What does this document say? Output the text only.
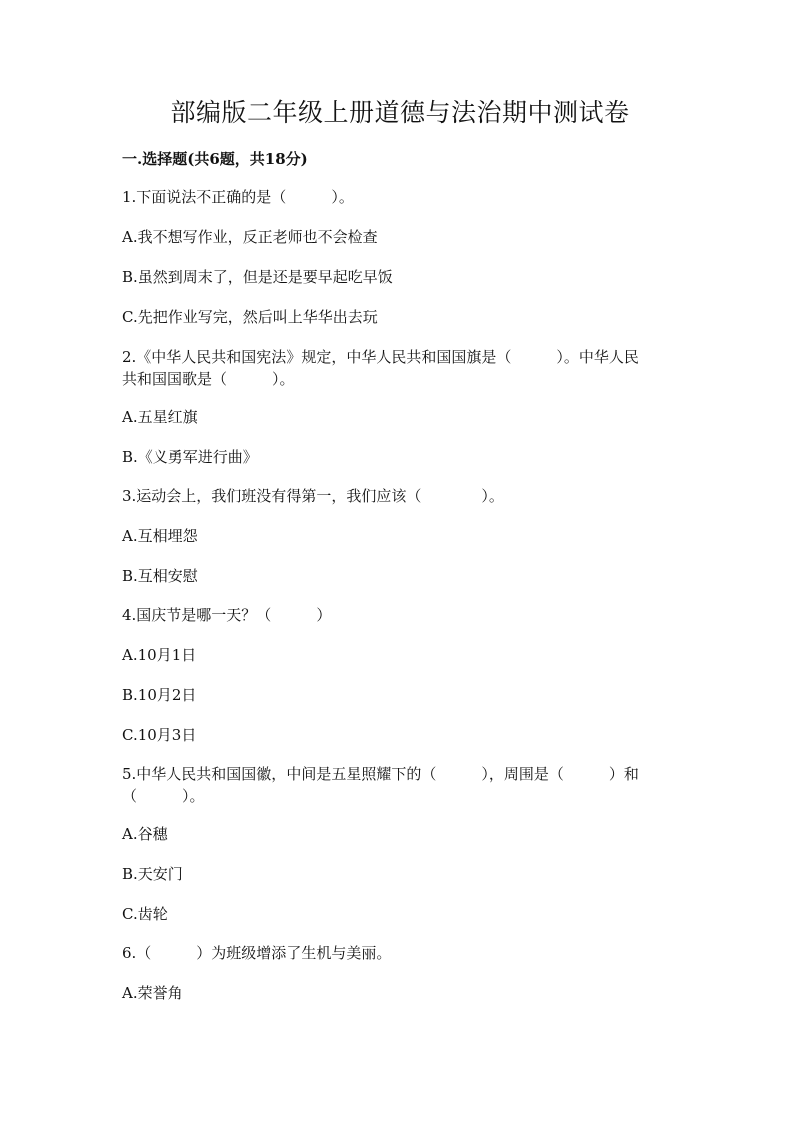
部编版二年级上册道德与法治期中测试卷

一.选择题(共6题，共18分)

1.下面说法不正确的是（　　　）。

A.我不想写作业，反正老师也不会检查

B.虽然到周末了，但是还是要早起吃早饭

C.先把作业写完，然后叫上华华出去玩

2.《中华人民共和国宪法》规定，中华人民共和国国旗是（　　　）。中华人民

共和国国歌是（　　　）。

A.五星红旗

B.《义勇军进行曲》

3.运动会上，我们班没有得第一，我们应该（　　　　）。

A.互相埋怨

B.互相安慰

4.国庆节是哪一天？（　　　）

A.10月1日

B.10月2日

C.10月3日

5.中华人民共和国国徽，中间是五星照耀下的（　　　），周围是（　　　）和

（　　　）。

A.谷穗

B.天安门

C.齿轮

6.（　　　）为班级增添了生机与美丽。

A.荣誉角
